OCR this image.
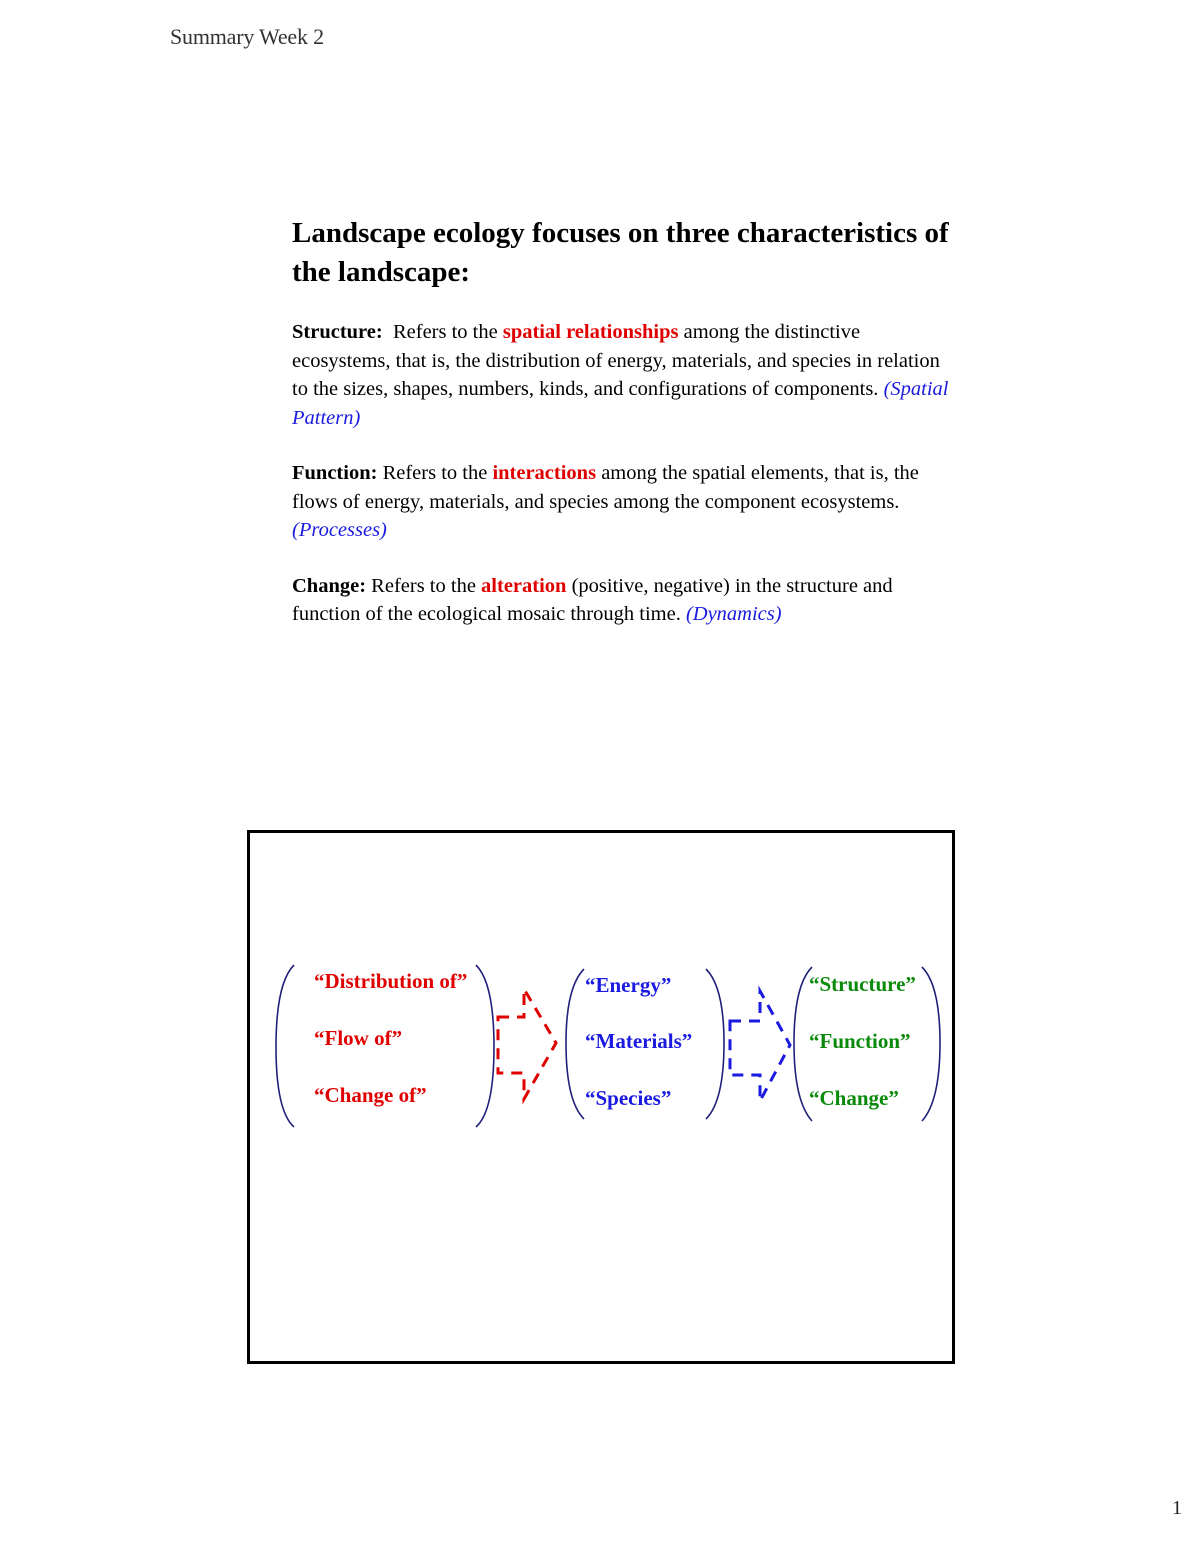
Summary Week 2
Landscape ecology focuses on three characteristics of the landscape:
Structure:  Refers to the spatial relationships among the distinctive ecosystems, that is, the distribution of energy, materials, and species in relation to the sizes, shapes, numbers, kinds, and configurations of components. (Spatial Pattern)
Function: Refers to the interactions among the spatial elements, that is, the flows of energy, materials, and species among the component ecosystems. (Processes)
Change: Refers to the alteration (positive, negative) in the structure and function of the ecological mosaic through time. (Dynamics)
“Distribution of”
“Flow of”
“Change of”
“Energy”
“Materials”
“Species”
“Structure”
“Function”
“Change”
1
